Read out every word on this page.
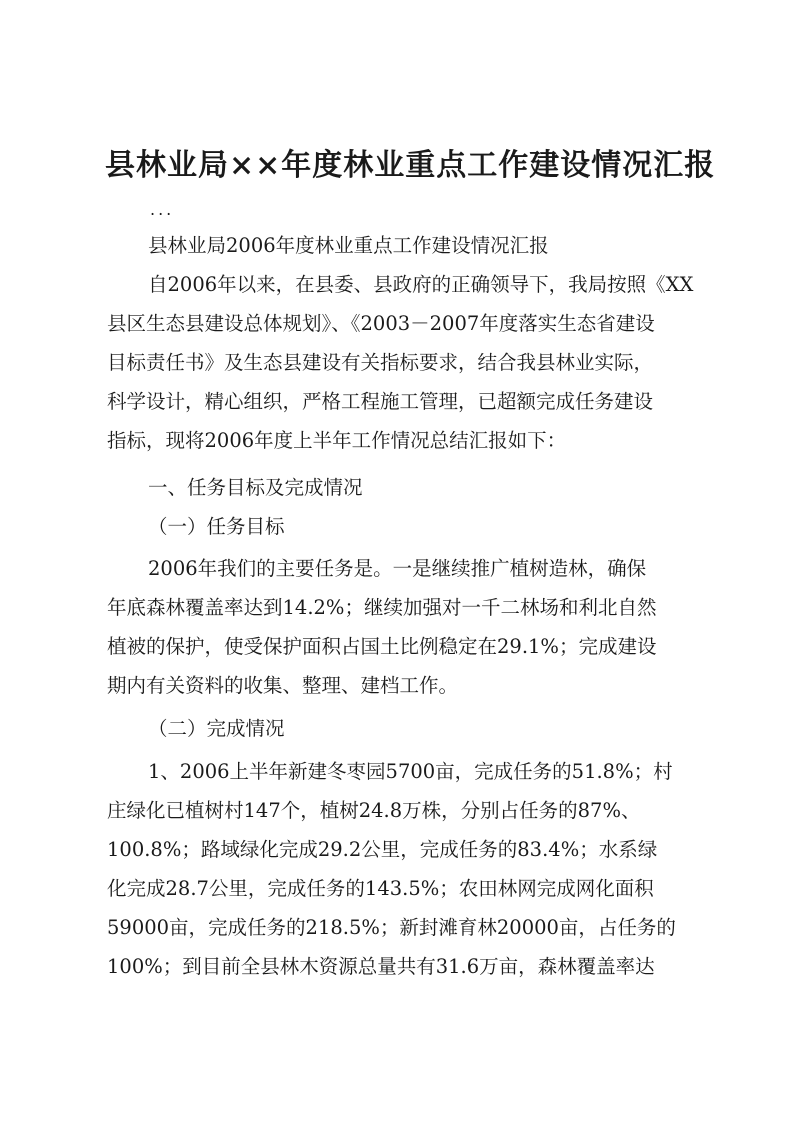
县林业局××年度林业重点工作建设情况汇报
...
县林业局2006年度林业重点工作建设情况汇报
自2006年以来，在县委、县政府的正确领导下，我局按照《XX
县区生态县建设总体规划》、《2003－2007年度落实生态省建设
目标责任书》及生态县建设有关指标要求，结合我县林业实际，
科学设计，精心组织，严格工程施工管理，已超额完成任务建设
指标，现将2006年度上半年工作情况总结汇报如下：
一、任务目标及完成情况
（一）任务目标
2006年我们的主要任务是。一是继续推广植树造林，确保
年底森林覆盖率达到14.2%；继续加强对一千二林场和利北自然
植被的保护，使受保护面积占国土比例稳定在29.1%；完成建设
期内有关资料的收集、整理、建档工作。
（二）完成情况
1、2006上半年新建冬枣园5700亩，完成任务的51.8%；村
庄绿化已植树村147个，植树24.8万株，分别占任务的87%、
100.8%；路域绿化完成29.2公里，完成任务的83.4%；水系绿
化完成28.7公里，完成任务的143.5%；农田林网完成网化面积
59000亩，完成任务的218.5%；新封滩育林20000亩，占任务的
100%；到目前全县林木资源总量共有31.6万亩，森林覆盖率达
